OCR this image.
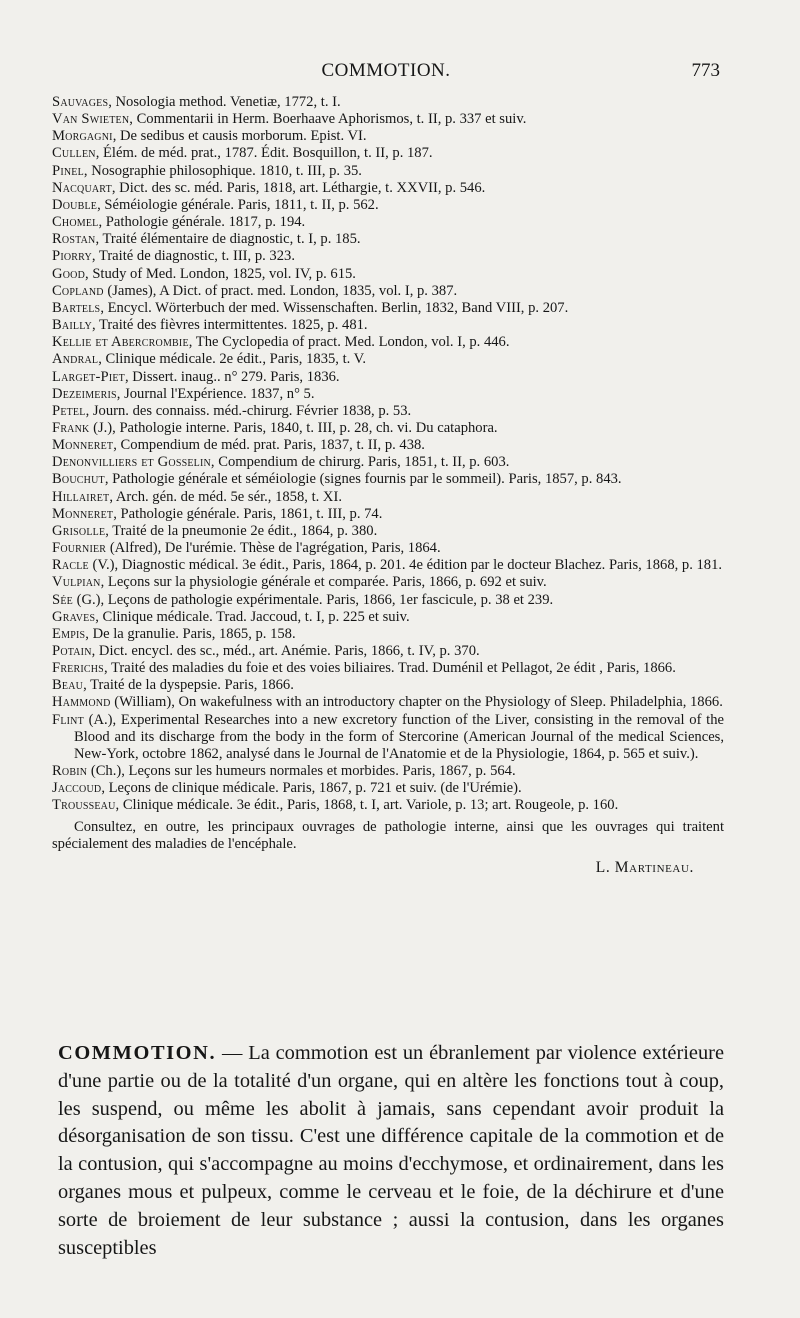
COMMOTION.	773

Sauvages, Nosologia method. Venetiæ, 1772, t. I.

Van Swieten, Commentarii in Herm. Boerhaave Aphorismos, t. II, p. 337 et suiv.

Morgagni, De sedibus et causis morborum. Epist. VI.

Cullen, Élém. de méd. prat., 1787. Édit. Bosquillon, t. II, p. 187.

Pinel, Nosographie philosophique. 1810, t. III, p. 35.

Nacquart, Dict. des sc. méd. Paris, 1818, art. Léthargie, t. XXVII, p. 546.

Double, Séméiologie générale. Paris, 1811, t. II, p. 562.

Chomel, Pathologie générale. 1817, p. 194.

Rostan, Traité élémentaire de diagnostic, t. I, p. 185.

Piorry, Traité de diagnostic, t. III, p. 323.

Good, Study of Med. London, 1825, vol. IV, p. 615.

Copland (James), A Dict. of pract. med. London, 1835, vol. I, p. 387.

Bartels, Encycl. Wörterbuch der med. Wissenschaften. Berlin, 1832, Band VIII, p. 207.

Bailly, Traité des fièvres intermittentes. 1825, p. 481.

Kellie et Abercrombie, The Cyclopedia of pract. Med. London, vol. I, p. 446.

Andral, Clinique médicale. 2e édit., Paris, 1835, t. V.

Larget-Piet, Dissert. inaug.. n° 279. Paris, 1836.

Dezeimeris, Journal l'Expérience. 1837, n° 5.

Petel, Journ. des connaiss. méd.-chirurg. Février 1838, p. 53.

Frank (J.), Pathologie interne. Paris, 1840, t. III, p. 28, ch. vi. Du cataphora.

Monneret, Compendium de méd. prat. Paris, 1837, t. II, p. 438.

Denonvilliers et Gosselin, Compendium de chirurg. Paris, 1851, t. II, p. 603.

Bouchut, Pathologie générale et séméiologie (signes fournis par le sommeil). Paris, 1857, p. 843.

Hillairet, Arch. gén. de méd. 5e sér., 1858, t. XI.

Monneret, Pathologie générale. Paris, 1861, t. III, p. 74.

Grisolle, Traité de la pneumonie 2e édit., 1864, p. 380.

Fournier (Alfred), De l'urémie. Thèse de l'agrégation, Paris, 1864.

Racle (V.), Diagnostic médical. 3e édit., Paris, 1864, p. 201. 4e édition par le docteur Blachez. Paris, 1868, p. 181.

Vulpian, Leçons sur la physiologie générale et comparée. Paris, 1866, p. 692 et suiv.

Sée (G.), Leçons de pathologie expérimentale. Paris, 1866, 1er fascicule, p. 38 et 239.

Graves, Clinique médicale. Trad. Jaccoud, t. I, p. 225 et suiv.

Empis, De la granulie. Paris, 1865, p. 158.

Potain, Dict. encycl. des sc., méd., art. Anémie. Paris, 1866, t. IV, p. 370.

Frerichs, Traité des maladies du foie et des voies biliaires. Trad. Duménil et Pellagot, 2e édit , Paris, 1866.

Beau, Traité de la dyspepsie. Paris, 1866.

Hammond (William), On wakefulness with an introductory chapter on the Physiology of Sleep. Philadelphia, 1866.

Flint (A.), Experimental Researches into a new excretory function of the Liver, consisting in the removal of the Blood and its discharge from the body in the form of Stercorine (American Journal of the medical Sciences, New-York, octobre 1862, analysé dans le Journal de l'Anatomie et de la Physiologie, 1864, p. 565 et suiv.).

Robin (Ch.), Leçons sur les humeurs normales et morbides. Paris, 1867, p. 564.

Jaccoud, Leçons de clinique médicale. Paris, 1867, p. 721 et suiv. (de l'Urémie).

Trousseau, Clinique médicale. 3e édit., Paris, 1868, t. I, art. Variole, p. 13; art. Rougeole, p. 160.

Consultez, en outre, les principaux ouvrages de pathologie interne, ainsi que les ouvrages qui traitent spécialement des maladies de l'encéphale.

L. Martineau.
COMMOTION. — La commotion est un ébranlement par violence extérieure d'une partie ou de la totalité d'un organe, qui en altère les fonctions tout à coup, les suspend, ou même les abolit à jamais, sans cependant avoir produit la désorganisation de son tissu. C'est une différence capitale de la commotion et de la contusion, qui s'accompagne au moins d'ecchymose, et ordinairement, dans les organes mous et pulpeux, comme le cerveau et le foie, de la déchirure et d'une sorte de broiement de leur substance ; aussi la contusion, dans les organes susceptibles
